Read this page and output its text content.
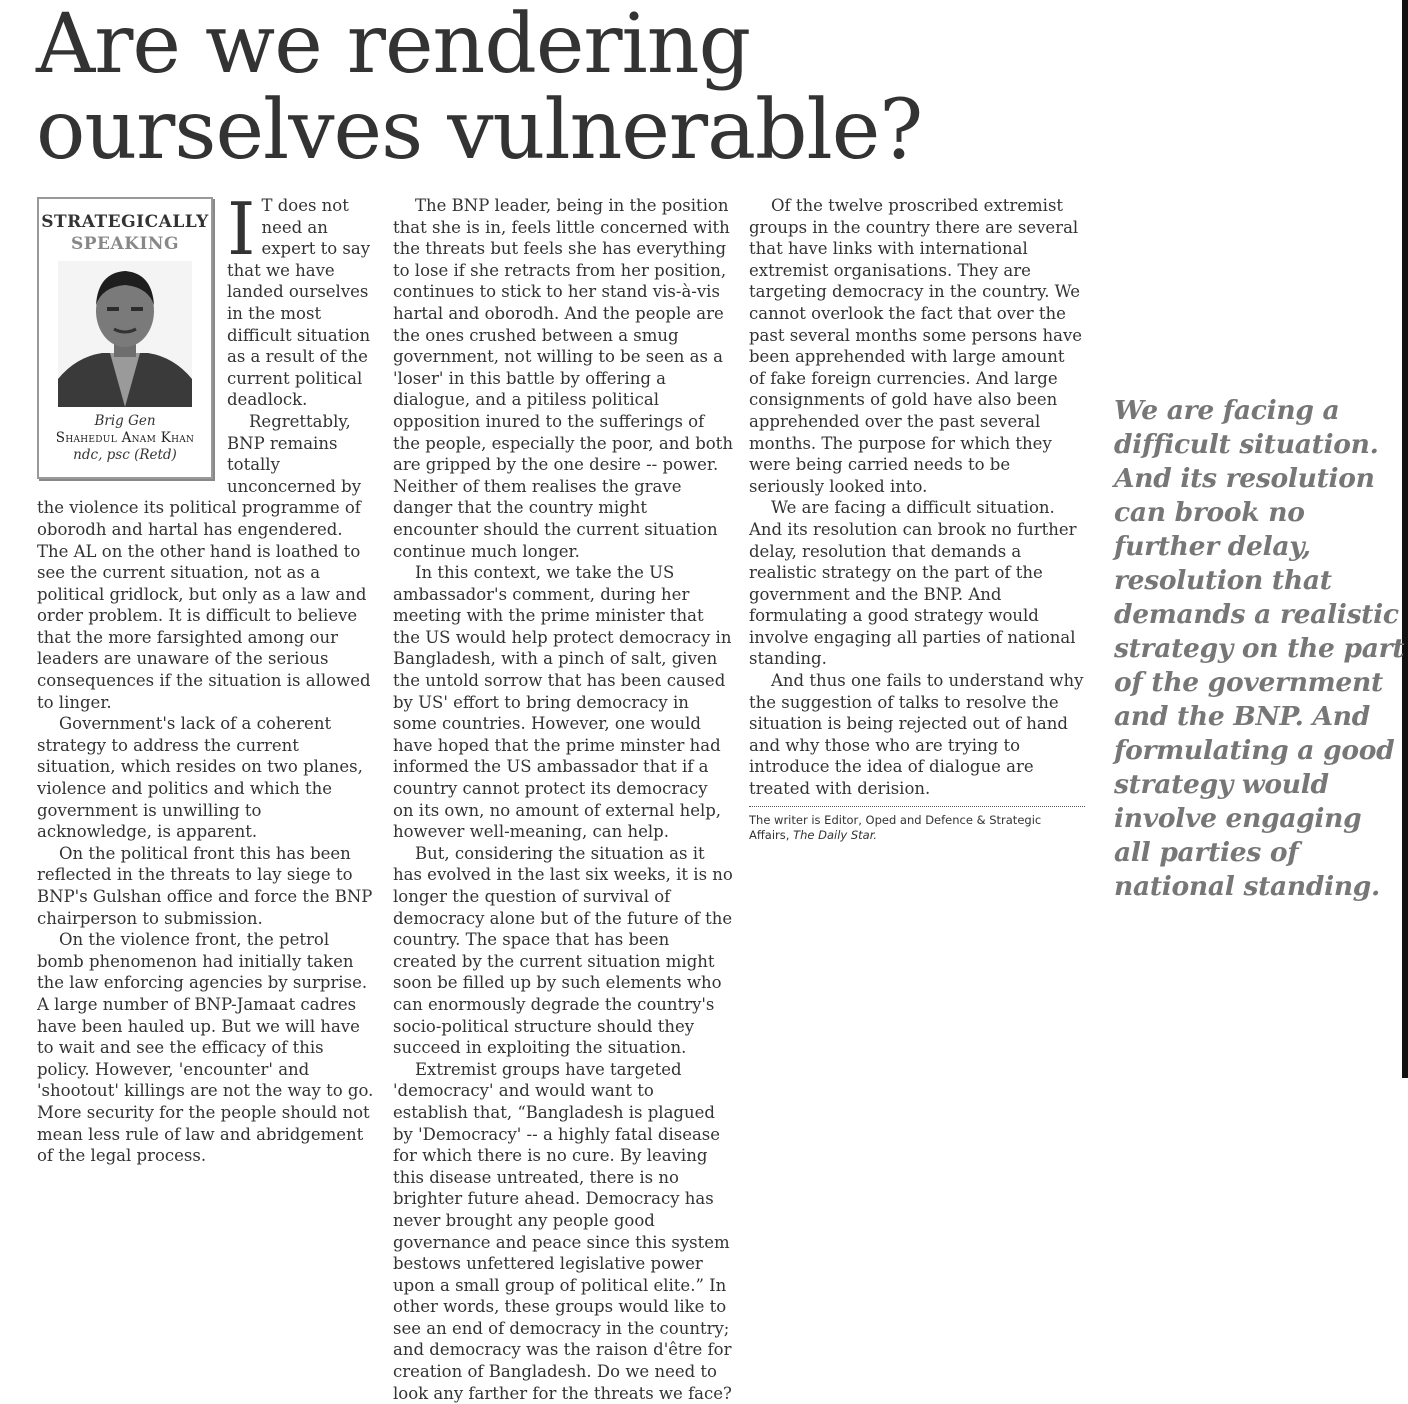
Are we rendering ourselves vulnerable?
STRATEGICALLY
SPEAKING
Brig Gen
Shahedul Anam Khan
ndc, psc (Retd)
I T does not need an expert to say that we have landed ourselves in the most difficult situation as a result of the current political deadlock.

Regrettably, BNP remains totally unconcerned by the violence its political programme of oborodh and hartal has engendered. The AL on the other hand is loathed to see the current situation, not as a political gridlock, but only as a law and order problem. It is difficult to believe that the more farsighted among our leaders are unaware of the serious consequences if the situation is allowed to linger.

Government's lack of a coherent strategy to address the current situation, which resides on two planes, violence and politics and which the government is unwilling to acknowledge, is apparent.

On the political front this has been reflected in the threats to lay siege to BNP's Gulshan office and force the BNP chairperson to submission.

On the violence front, the petrol bomb phenomenon had initially taken the law enforcing agencies by surprise. A large number of BNP-Jamaat cadres have been hauled up. But we will have to wait and see the efficacy of this policy. However, 'encounter' and 'shootout' killings are not the way to go. More security for the people should not mean less rule of law and abridgement of the legal process.

The BNP leader, being in the position that she is in, feels little concerned with the threats but feels she has everything to lose if she retracts from her position, continues to stick to her stand vis-à-vis hartal and oborodh. And the people are the ones crushed between a smug government, not willing to be seen as a 'loser' in this battle by offering a dialogue, and a pitiless political opposition inured to the sufferings of the people, especially the poor, and both are gripped by the one desire -- power. Neither of them realises the grave danger that the country might encounter should the current situation continue much longer.

In this context, we take the US ambassador's comment, during her meeting with the prime minister that the US would help protect democracy in Bangladesh, with a pinch of salt, given the untold sorrow that has been caused by US' effort to bring democracy in some countries. However, one would have hoped that the prime minster had informed the US ambassador that if a country cannot protect its democracy on its own, no amount of external help, however well-meaning, can help.

But, considering the situation as it has evolved in the last six weeks, it is no longer the question of survival of democracy alone but of the future of the country. The space that has been created by the current situation might soon be filled up by such elements who can enormously degrade the country's socio-political structure should they succeed in exploiting the situation.

Extremist groups have targeted 'democracy' and would want to establish that, “Bangladesh is plagued by 'Democracy' -- a highly fatal disease for which there is no cure. By leaving this disease untreated, there is no brighter future ahead. Democracy has never brought any people good governance and peace since this system bestows unfettered legislative power upon a small group of political elite.” In other words, these groups would like to see an end of democracy in the country; and democracy was the raison d'être for creation of Bangladesh. Do we need to look any farther for the threats we face?

Of the twelve proscribed extremist groups in the country there are several that have links with international extremist organisations. They are targeting democracy in the country. We cannot overlook the fact that over the past several months some persons have been apprehended with large amount of fake foreign currencies. And large consignments of gold have also been apprehended over the past several months. The purpose for which they were being carried needs to be seriously looked into.

We are facing a difficult situation. And its resolution can brook no further delay, resolution that demands a realistic strategy on the part of the government and the BNP. And formulating a good strategy would involve engaging all parties of national standing.

And thus one fails to understand why the suggestion of talks to resolve the situation is being rejected out of hand and why those who are trying to introduce the idea of dialogue are treated with derision.

The writer is Editor, Oped and Defence & Strategic Affairs, The Daily Star.

We are facing a difficult situation. And its resolution can brook no further delay, resolution that demands a realistic strategy on the part of the government and the BNP. And formulating a good strategy would involve engaging all parties of national standing.
